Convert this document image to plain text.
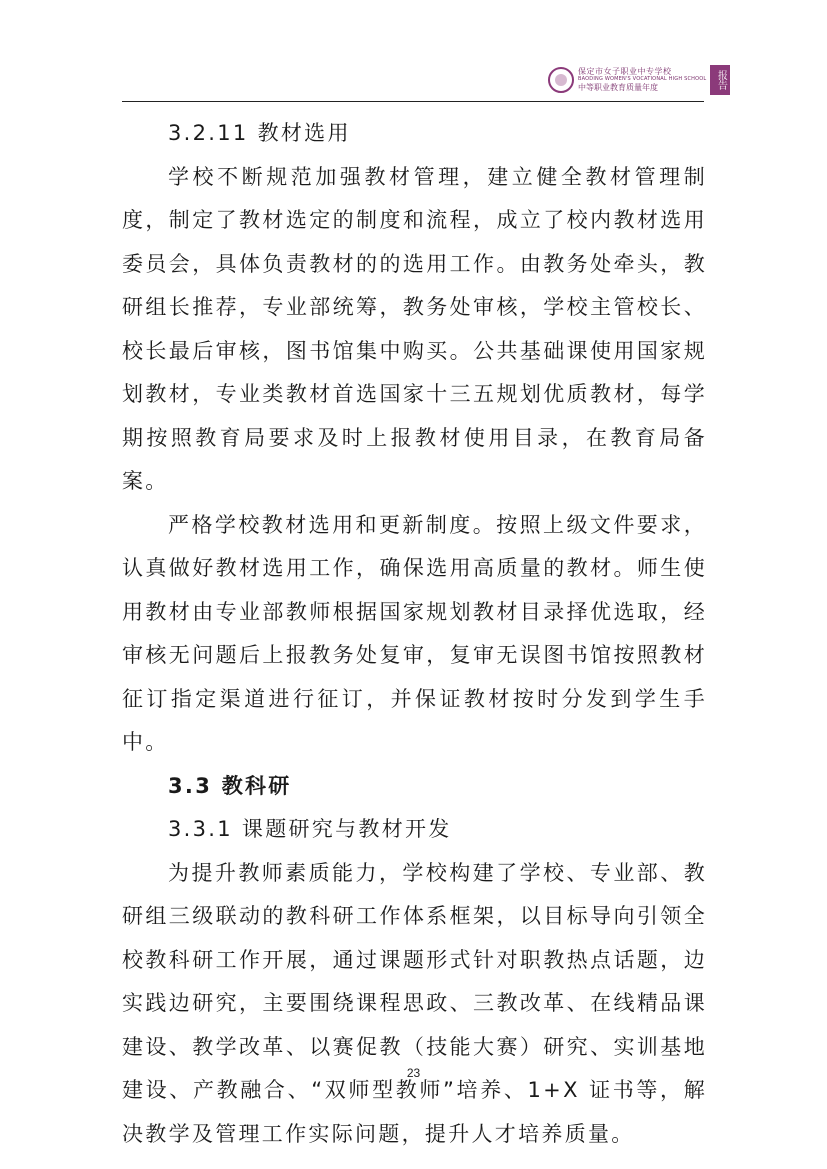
保定市女子职业中专学校
BAODING WOMEN'S VOCATIONAL HIGH SCHOOL
中等职业教育质量年度	报告
3.2.11 教材选用
学校不断规范加强教材管理，建立健全教材管理制度，制定了教材选定的制度和流程，成立了校内教材选用委员会，具体负责教材的的选用工作。由教务处牵头，教研组长推荐，专业部统筹，教务处审核，学校主管校长、校长最后审核，图书馆集中购买。公共基础课使用国家规划教材，专业类教材首选国家十三五规划优质教材，每学期按照教育局要求及时上报教材使用目录，在教育局备案。
严格学校教材选用和更新制度。按照上级文件要求，认真做好教材选用工作，确保选用高质量的教材。师生使用教材由专业部教师根据国家规划教材目录择优选取，经审核无问题后上报教务处复审，复审无误图书馆按照教材征订指定渠道进行征订，并保证教材按时分发到学生手中。
3.3 教科研
3.3.1 课题研究与教材开发
为提升教师素质能力，学校构建了学校、专业部、教研组三级联动的教科研工作体系框架，以目标导向引领全校教科研工作开展，通过课题形式针对职教热点话题，边实践边研究，主要围绕课程思政、三教改革、在线精品课建设、教学改革、以赛促教（技能大赛）研究、实训基地建设、产教融合、“双师型教师”培养、1+X 证书等，解决教学及管理工作实际问题，提升人才培养质量。
23
